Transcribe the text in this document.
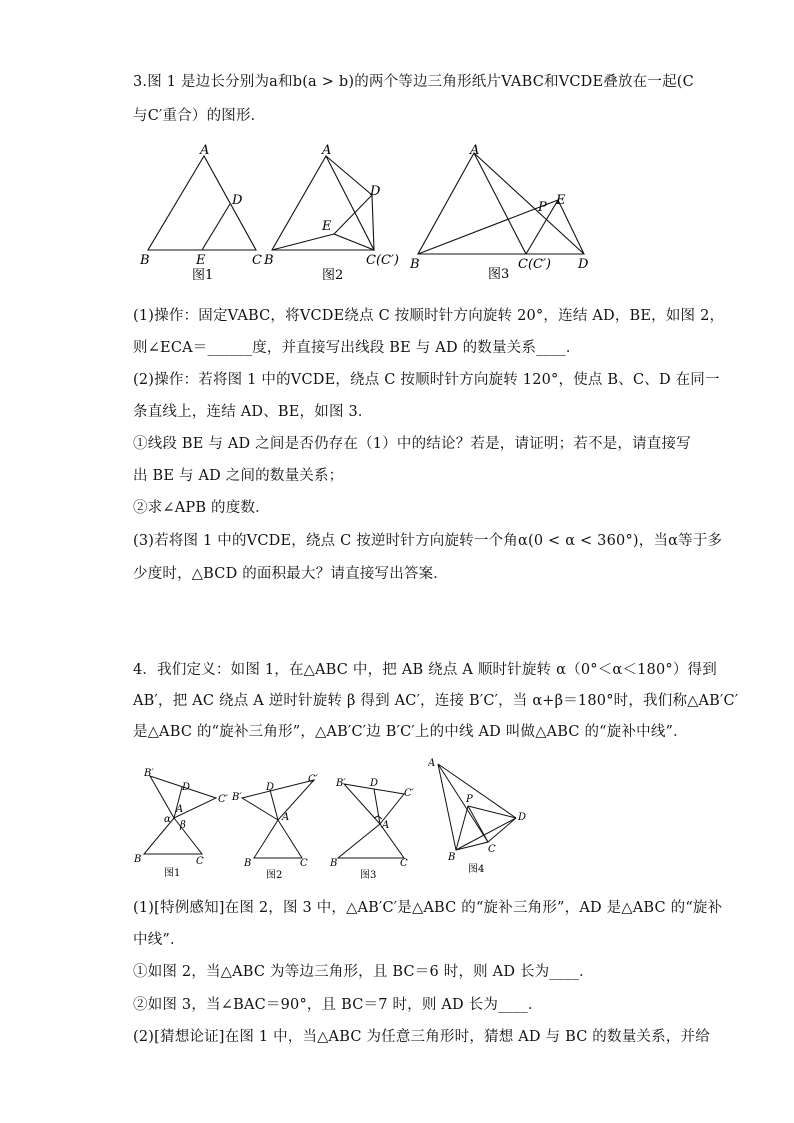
3.图 1 是边长分别为a和b(a > b)的两个等边三角形纸片VABC和VCDE叠放在一起(C
与C′重合）的图形．
A
B	C
D
E
图1
A
B	C(C′)
D
E
图2
A
B	C(C′) D
E
P
图3
(1)操作：固定VABC，将VCDE绕点 C 按顺时针方向旋转 20°，连结 AD，BE，如图 2，
则∠ECA＝______度，并直接写出线段 BE 与 AD 的数量关系____．
(2)操作：若将图 1 中的VCDE，绕点 C 按顺时针方向旋转 120°，使点 B、C、D 在同一
条直线上，连结 AD、BE，如图 3．
①线段 BE 与 AD 之间是否仍存在（1）中的结论？若是，请证明；若不是，请直接写
出 BE 与 AD 之间的数量关系；
②求∠APB 的度数．
(3)若将图 1 中的VCDE，绕点 C 按逆时针方向旋转一个角α(0 < α < 360°)，当α等于多
少度时，△BCD 的面积最大？请直接写出答案．
4．我们定义：如图 1，在△ABC 中，把 AB 绕点 A 顺时针旋转 α（0°＜α＜180°）得到
AB′，把 AC 绕点 A 逆时针旋转 β 得到 AC′，连接 B′C′，当 α+β＝180°时，我们称△AB′C′
是△ABC 的“旋补三角形”，△AB′C′边 B′C′上的中线 AD 叫做△ABC 的“旋补中线”．
B′
C′
D
A
α
β
B	C
图1
B′
C′
D
A
B	C
图2
B′
C′
D
A
B	C
图3
A
P
D
B
C
图4
(1)[特例感知]在图 2，图 3 中，△AB′C′是△ABC 的“旋补三角形”，AD 是△ABC 的“旋补
中线”．
①如图 2，当△ABC 为等边三角形，且 BC＝6 时，则 AD 长为____．
②如图 3，当∠BAC＝90°，且 BC＝7 时，则 AD 长为____．
(2)[猜想论证]在图 1 中，当△ABC 为任意三角形时，猜想 AD 与 BC 的数量关系，并给
